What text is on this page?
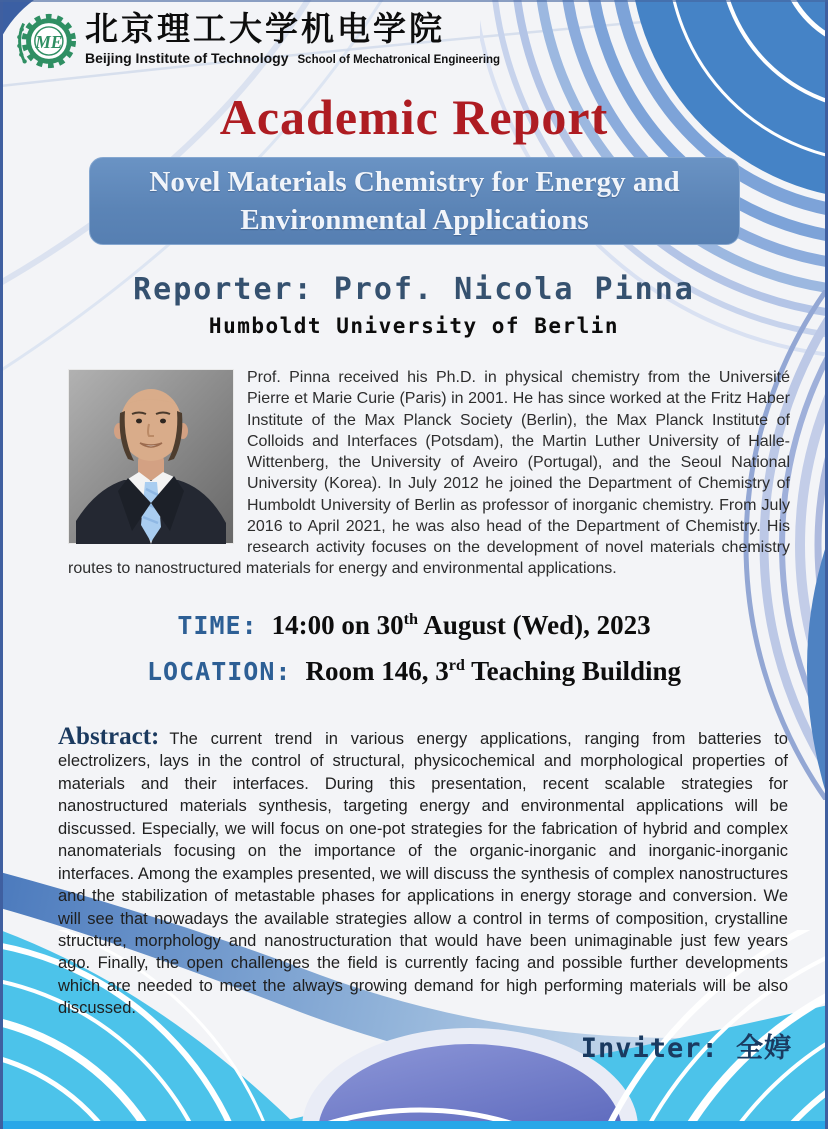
ME 北京理工大学机电学院
Beijing Institute of Technology School of Mechatronical Engineering
Academic Report
Novel Materials Chemistry for Energy and
Environmental Applications
Reporter: Prof. Nicola Pinna
Humboldt University of Berlin
Prof. Pinna received his Ph.D. in physical chemistry from the Université Pierre et Marie Curie (Paris) in 2001. He has since worked at the Fritz Haber Institute of the Max Planck Society (Berlin), the Max Planck Institute of Colloids and Interfaces (Potsdam), the Martin Luther University of Halle-Wittenberg, the University of Aveiro (Portugal), and the Seoul National University (Korea). In July 2012 he joined the Department of Chemistry of Humboldt University of Berlin as professor of inorganic chemistry. From July 2016 to April 2021, he was also head of the Department of Chemistry. His research activity focuses on the development of novel materials chemistry routes to nanostructured materials for energy and environmental applications.
TIME: 14:00 on 30th August (Wed), 2023
LOCATION: Room 146, 3rd Teaching Building
Abstract: The current trend in various energy applications, ranging from batteries to electrolizers, lays in the control of structural, physicochemical and morphological properties of materials and their interfaces. During this presentation, recent scalable strategies for nanostructured materials synthesis, targeting energy and environmental applications will be discussed. Especially, we will focus on one-pot strategies for the fabrication of hybrid and complex nanomaterials focusing on the importance of the organic-inorganic and inorganic-inorganic interfaces. Among the examples presented, we will discuss the synthesis of complex nanostructures and the stabilization of metastable phases for applications in energy storage and conversion. We will see that nowadays the available strategies allow a control in terms of composition, crystalline structure, morphology and nanostructuration that would have been unimaginable just few years ago. Finally, the open challenges the field is currently facing and possible further developments which are needed to meet the always growing demand for high performing materials will be also discussed.
Inviter: 全婷
